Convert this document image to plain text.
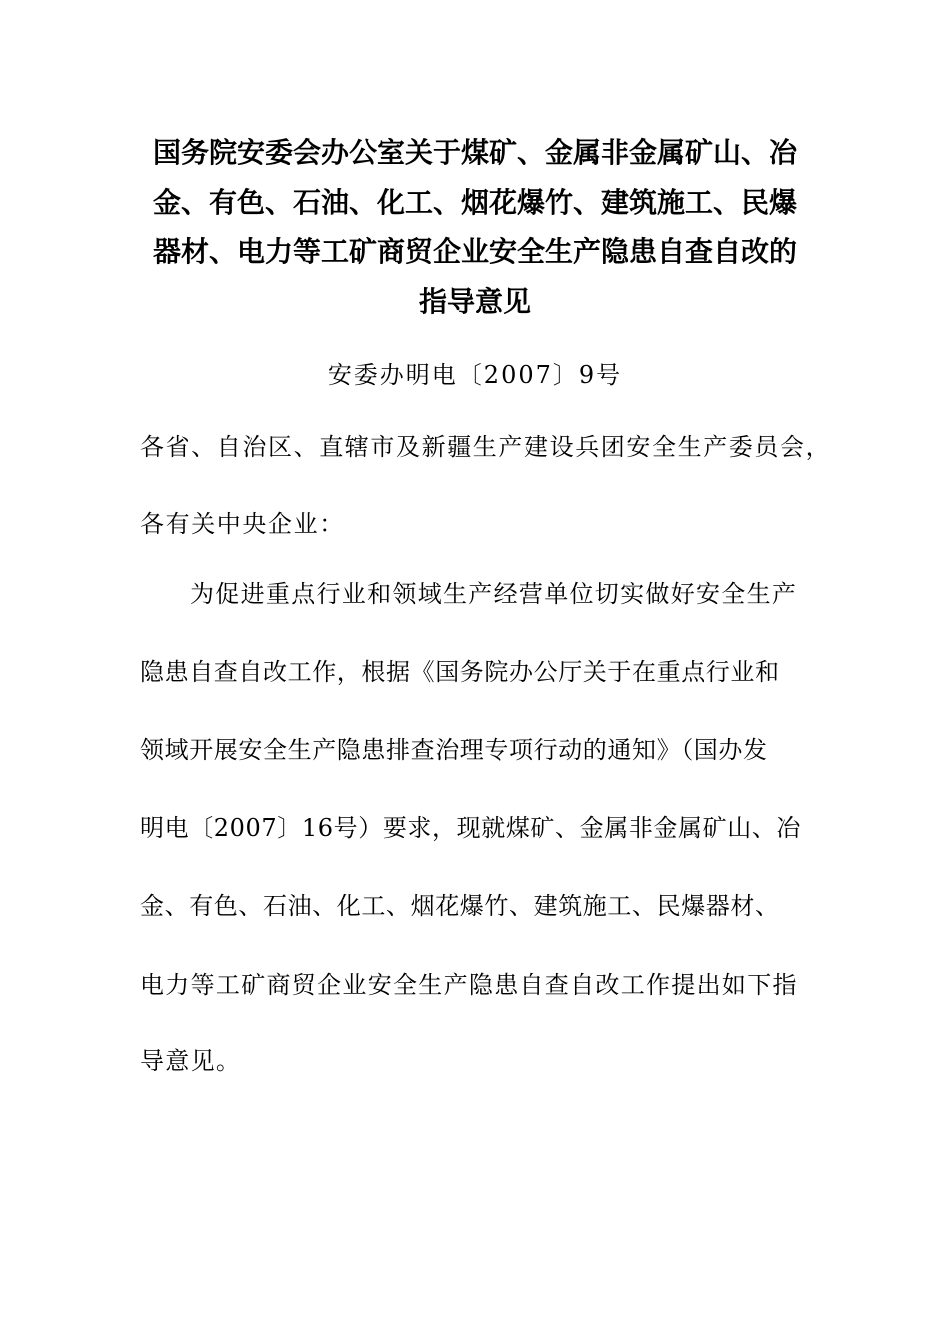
国务院安委会办公室关于煤矿、金属非金属矿山、冶
金、有色、石油、化工、烟花爆竹、建筑施工、民爆
器材、电力等工矿商贸企业安全生产隐患自查自改的
指导意见
安委办明电〔2007〕9号
各省、自治区、直辖市及新疆生产建设兵团安全生产委员会，
各有关中央企业：
为促进重点行业和领域生产经营单位切实做好安全生产
隐患自查自改工作，根据《国务院办公厅关于在重点行业和
领域开展安全生产隐患排查治理专项行动的通知》（国办发
明电〔2007〕16号）要求，现就煤矿、金属非金属矿山、冶
金、有色、石油、化工、烟花爆竹、建筑施工、民爆器材、
电力等工矿商贸企业安全生产隐患自查自改工作提出如下指
导意见。
